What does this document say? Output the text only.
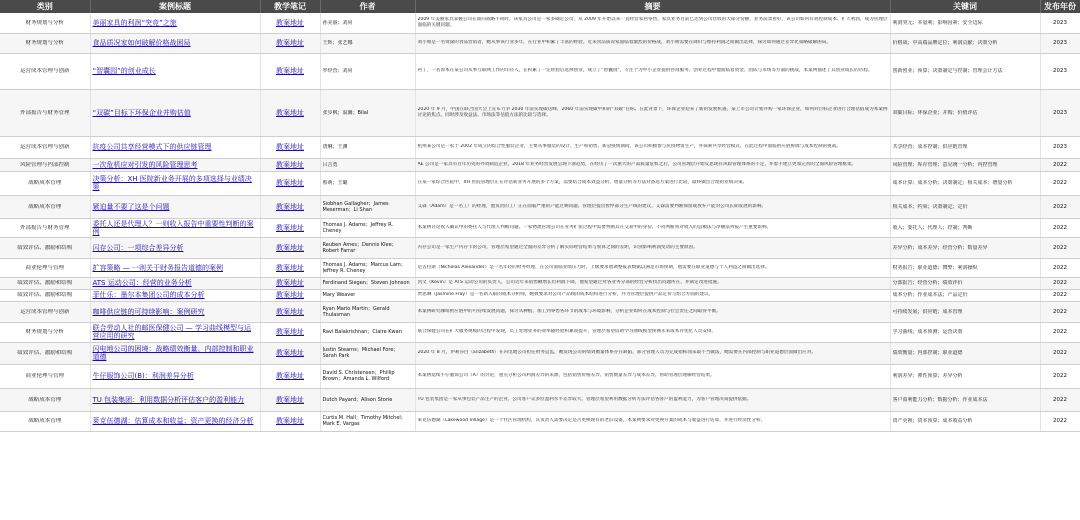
类别	案例标题	教学笔记	作者	摘要	关键词	发布年份

财务规划与分析	美丽家具的利润“突竞”之旅	教案地址	孙美丽；刘同	2009 年美丽家具掌握公司在面向战略不同时，该家具公司是一家多确定公司，从 2009 年开始以来一直经营家居零售，家具业务目前已达到公司营收的大部分份额，业务前景看好，该公司如何有效控制成本、扩大利润，成为管理层面临的关键问题。	利润突元；本量利；影响因素；安全边际	2023

财务规划与分析	食品质况家如何破解价格战困局	教案地址	王辉；张艺娜	刘小姐是一名资深的食品营销者，她从事该行业多年，在行业中积累了丰富的经验。近来食品质况家面临着激烈的价格战，刘小姐需要在降价与维持利润之间做出选择，探讨如何通过差异化策略破解困局。	价格战；中高端品牌定位；利润贡献；决策分析	2023

运营成本管理与创新	“智囊园”的创业成长	教案地址	罗经营；刘同	阿丁，一名原本在某公司从事互联网工作的年轻人，在积累了一定经验后选择创业，成立了“智囊园”，专注于为中小企业提供咨询服务。创业过程中他面临着资金、团队与市场等方面的挑战，本案例描述了其创业成长的历程。	创新创业；预算；决策制定与控制；管理会计方法	2023

外部报告与财务管理	“双碳”目标下环保企业并购估值	教案地址	张步枫；温馨；Bilal	2020 年 9 月，中国在联合国大会上宣布力争 2030 年前实现碳达峰、2060 年前实现碳中和的“双碳”目标。在此背景下，环保企业迎来了新的发展机遇，某上市公司计划并购一家环保企业，如何对目标企业进行合理估值成为本案例讨论的焦点。同时涉及收益法、市场法等估值方法的比较与选择。	双碳目标；环保企业；并购；价值评估	2023

运营成本管理与创新	抗疫公司共享经营模式下的供应链管理	教案地址	唐琳；王渊	杭州某公司是一家于 2002 年成立的综合性服装企业，主要从事服装的设计、生产和销售。新冠疫情期间，该公司积极参与抗疫物资生产，并探索共享经营模式，在此过程中面临供应链协调与成本控制的挑战。	共享经营；成本控制；供应链管理	2023

风险管理与内部控制	一次危机应对引发的风险管理思考	教案地址	吕吉勇	AE 公司是一家具有百年历史的外资制造企业，2018 年业务经营发展呈现下滑趋势，在经历了一次重大的产品质量危机之后，公司管理层开始反思现有风险管理体系的不足，并着手建立更加完善的全面风险管理框架。	风险管理；库存管理；意见统一分析；内控管理	2022

战略成本管理	决策分析：XH 医院新业务开展的多项选择与业绩决策	教案地址	蔡萌；王璐	在某一家综合医院中，XH 医院管理层正在评估新业务开展的多个方案，需要结合成本效益分析、增量分析等方法对备选方案进行比较，最终做出合理的业绩决策。	成本计算；成本分析；决策制定；相关成本；增量分析	2022

战略成本管理	紧迫量不要了这是个问题	教案地址	Siobhan Gallagher；James Meserman；Li Shan	艾森（Adam）是一名工厂的经理，他负责的工厂正在面临严重的产能过剩问题。管理层提出暂停部分生产线的建议，艾森需要判断保留或放弃产能对公司长期发展的影响。	相关成本；约束；决策制定；定价	2022

外部报告与财务管理	委托人还是代理人？一则收入报告中重要性判断的案例	教案地址	Thomas J. Adams；Jeffrey R. Cheney	本案例讨论收入确认中的委托人与代理人判断问题。一家物流管理公司在业务扩张过程中需要判断其在交易中的身份，不同判断将对收入的总额法与净额法列报产生重要影响。	收入；委托人；代理人；控制；判断	2022

绩效评估、激励和结构	闪存公司：一项综合差异分析	教案地址	Reuben Ames；Dennis Klee；Robert Farrar	闪存公司是一家生产闪存卡的公司，管理层希望通过全面的差异分析了解实际经营结果与预算之间的差距，识别影响利润变动的主要原因。	差异分析；成本差异；经营分析；数量差异	2022

商业伦理与管理	扩容策略 — 一则关于财务报告道德的案例	教案地址	Thomas J. Adams；Marcus Lam；Jeffrey R. Cheney	尼古拉斯（Nicholas Alexander）是一名年轻的财务经理，在公司面临业绩压力时，上级要求他调整报表数据以满足市场预期，他需要在职业道德与个人利益之间做出选择。	财务报告；职业道德；舞弊；利润操纵	2022

绩效评估、激励和结构	ATS 运动公司：经营的业务分析	教案地址	Ferdinand Siegen；Steven Johnson	凯文（Kevin）是 ATS 运动公司的负责人，公司近年来销售额增长但利润下降，他希望通过对各业务分部的经营分析找出问题所在，并制定改进措施。	分部报告；经营分析；绩效评价	2022

绩效评估、激励和结构	菲仕乐：墨尔本集团公司的成本分析	教案地址	Mary Weaver	贾思琳（Jasmine Fray）是一名新入职的成本分析师，她被要求对公司产品线的成本结构进行分析，并为管理层提供产品定价与组合方面的建议。	成本分析；作业成本法；产品定价	2022

运营成本管理与创新	咖啡供应链的可持续影响：案例研究	教案地址	Ryan Mario Martin；Gerald Thulasman	本案例研究咖啡供应链中的可持续发展问题，探讨从种植、加工到零售各环节的成本与环境影响，分析企业如何在成本控制与社会责任之间取得平衡。	可持续发展；供应链；成本管理	2022

财务规划与分析	联合劳动人社的邮医保健公司 — 学习曲线模型与运营应用的研究	教案地址	Ravi Balakrishnan；Claire Kwan	联合保健公司在扩大服务规模的过程中发现，员工处理业务的效率随经验积累而提升，管理层希望借助学习曲线模型预测未来成本并优化人员安排。	学习曲线；成本预测；运营决策	2022

绩效评估、激励和结构	闪电地公司的困境：战略绩效衡量、内部控制和职业道德	教案地址	Justin Stearns；Michael Fore；Sarah Park	2020 年 8 月，伊莉莎白（Elizabeth）在闪电地公司担任财务总监，她发现公司的绩效衡量体系存在缺陷，部分管理人员为完成指标而采取不当做法，她需要在内部控制与职业道德层面做出应对。	绩效衡量；内部控制；职业道德	2022

商业伦理与管理	牛仔服饰公司(B)：利润差异分析	教案地址	David S. Christensen；Phillip Brown；Amanda L. Wilford	本案例延续牛仔服饰公司（A）的讨论，重点分析公司利润差异的来源，包括销售价格差异、销售数量差异与成本差异，帮助管理层理解经营结果。	利润差异；弹性预算；差异分析	2022

战略成本管理	TU 包装集团：利用数据分析评估客户的盈利能力	教案地址	Dutch Payard；Alison Storie	TU 包装集团是一家从事包装产品生产的企业，公司客户众多但盈利水平差异较大，管理层希望利用数据分析方法评估各客户的盈利能力，为客户管理决策提供依据。	客户盈利能力分析；数据分析；作业成本法	2022

战略成本管理	莱克伍德湖：估算成本和收益；资产更换的经济分析	教案地址	Curtis M. Hall；Timothy Mitchel；Mark E. Vargas	莱克伍德湖（Lakewood Village）是一个社区管理机构，其负责人需要决定是否更换现有的老旧设备，本案例要求对更换方案的成本与收益进行估算，并进行经济性分析。	资产更换；资本预算；成本收益分析	2022
